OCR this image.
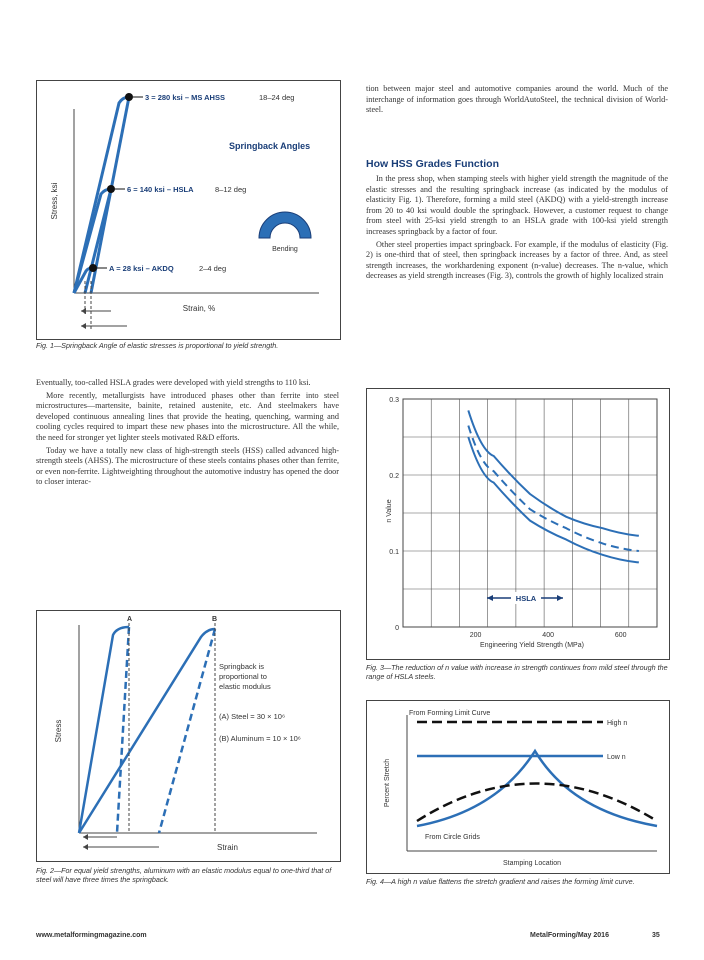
Stress, ksi
Strain, %
3 = 280 ksi – MS AHSS	18–24 deg
6 = 140 ksi – HSLA	8–12 deg
A = 28 ksi – AKDQ	2–4 deg
Springback Angles
Bending
Fig. 1—Springback Angle of elastic stresses is proportional to yield strength.

Eventually, too-called HSLA grades were developed with yield strengths to 110 ksi.

More recently, metallurgists have introduced phases other than ferrite into steel microstructures—martensite, bainite, retained austenite, etc. And steelmakers have developed continuous annealing lines that provide the heating, quenching, warming and cooling cycles required to impart these new phases into the microstructure. All the while, the need for stronger yet lighter steels motivated R&D efforts.

Today we have a totally new class of high-strength steels (HSS) called advanced high-strength steels (AHSS). The microstructure of these steels contains phases other than ferrite, or even non-ferrite. Lightweighting throughout the automotive industry has opened the door to closer interac-

Stress
Strain
A	B
Springback is
proportional to
elastic modulus
(A) Steel = 30 × 10⁶
(B) Aluminum = 10 × 10⁶
Fig. 2—For equal yield strengths, aluminum with an elastic modulus equal to one-third that of steel will have three times the springback.

tion between major steel and automotive companies around the world. Much of the interchange of information goes through WorldAutoSteel, the technical division of World-steel.

How HSS Grades Function

In the press shop, when stamping steels with higher yield strength the magnitude of the elastic stresses and the resulting springback increase (as indicated by the modulus of elasticity Fig. 1). Therefore, forming a mild steel (AKDQ) with a yield-strength increase from 20 to 40 ksi would double the springback. However, a customer request to change from steel with 25-ksi yield strength to an HSLA grade with 100-ksi yield strength increases springback by a factor of four.

Other steel properties impact springback. For example, if the modulus of elasticity (Fig. 2) is one-third that of steel, then springback increases by a factor of three. And, as steel strength increases, the workhardening exponent (n-value) decreases. The n-value, which decreases as yield strength increases (Fig. 3), controls the growth of highly localized strain

n Value
Engineering Yield Strength (MPa)
0.3
0.2
0.1
0
200	400	600
HSLA
Fig. 3—The reduction of n value with increase in strength continues from mild steel through the range of HSLA steels.
Percent Stretch
Stamping Location
From Forming Limit Curve
High n
Low n
From Circle Grids
Fig. 4—A high n value flattens the stretch gradient and raises the forming limit curve.
www.metalformingmagazine.com	MetalForming/May 2016	35
